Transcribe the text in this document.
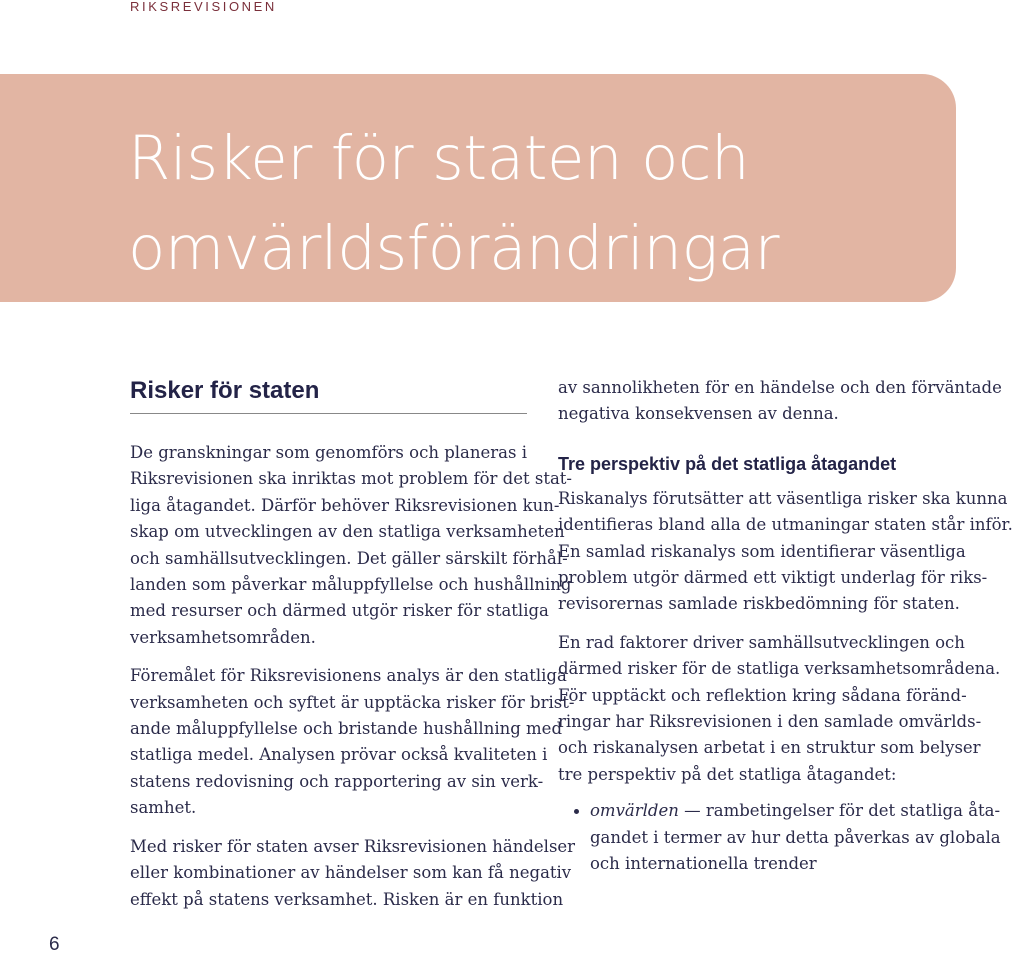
RIKSREVISIONEN
Risker för staten och
omvärldsförändringar
Risker för staten

De granskningar som genomförs och planeras i
Riksrevisionen ska inriktas mot problem för det stat-
liga åtagandet. Därför behöver Riksrevisionen kun-
skap om utvecklingen av den statliga verksamheten
och samhällsutvecklingen. Det gäller särskilt förhål-
landen som påverkar måluppfyllelse och hushållning
med resurser och därmed utgör risker för statliga
verksamhetsområden.

Föremålet för Riksrevisionens analys är den statliga
verksamheten och syftet är upptäcka risker för brist-
ande måluppfyllelse och bristande hushållning med
statliga medel. Analysen prövar också kvaliteten i
statens redovisning och rapportering av sin verk-
samhet.

Med risker för staten avser Riksrevisionen händelser
eller kombinationer av händelser som kan få negativ
effekt på statens verksamhet. Risken är en funktion

av sannolikheten för en händelse och den förväntade
negativa konsekvensen av denna.

Tre perspektiv på det statliga åtagandet

Riskanalys förutsätter att väsentliga risker ska kunna
identifieras bland alla de utmaningar staten står inför.
En samlad riskanalys som identifierar väsentliga
problem utgör därmed ett viktigt underlag för riks-
revisorernas samlade riskbedömning för staten.

En rad faktorer driver samhällsutvecklingen och
därmed risker för de statliga verksamhetsområdena.
För upptäckt och reflektion kring sådana föränd-
ringar har Riksrevisionen i den samlade omvärlds-
och riskanalysen arbetat i en struktur som belyser
tre perspektiv på det statliga åtagandet:

omvärlden — rambetingelser för det statliga åta-
gandet i termer av hur detta påverkas av globala
och internationella trender
6
